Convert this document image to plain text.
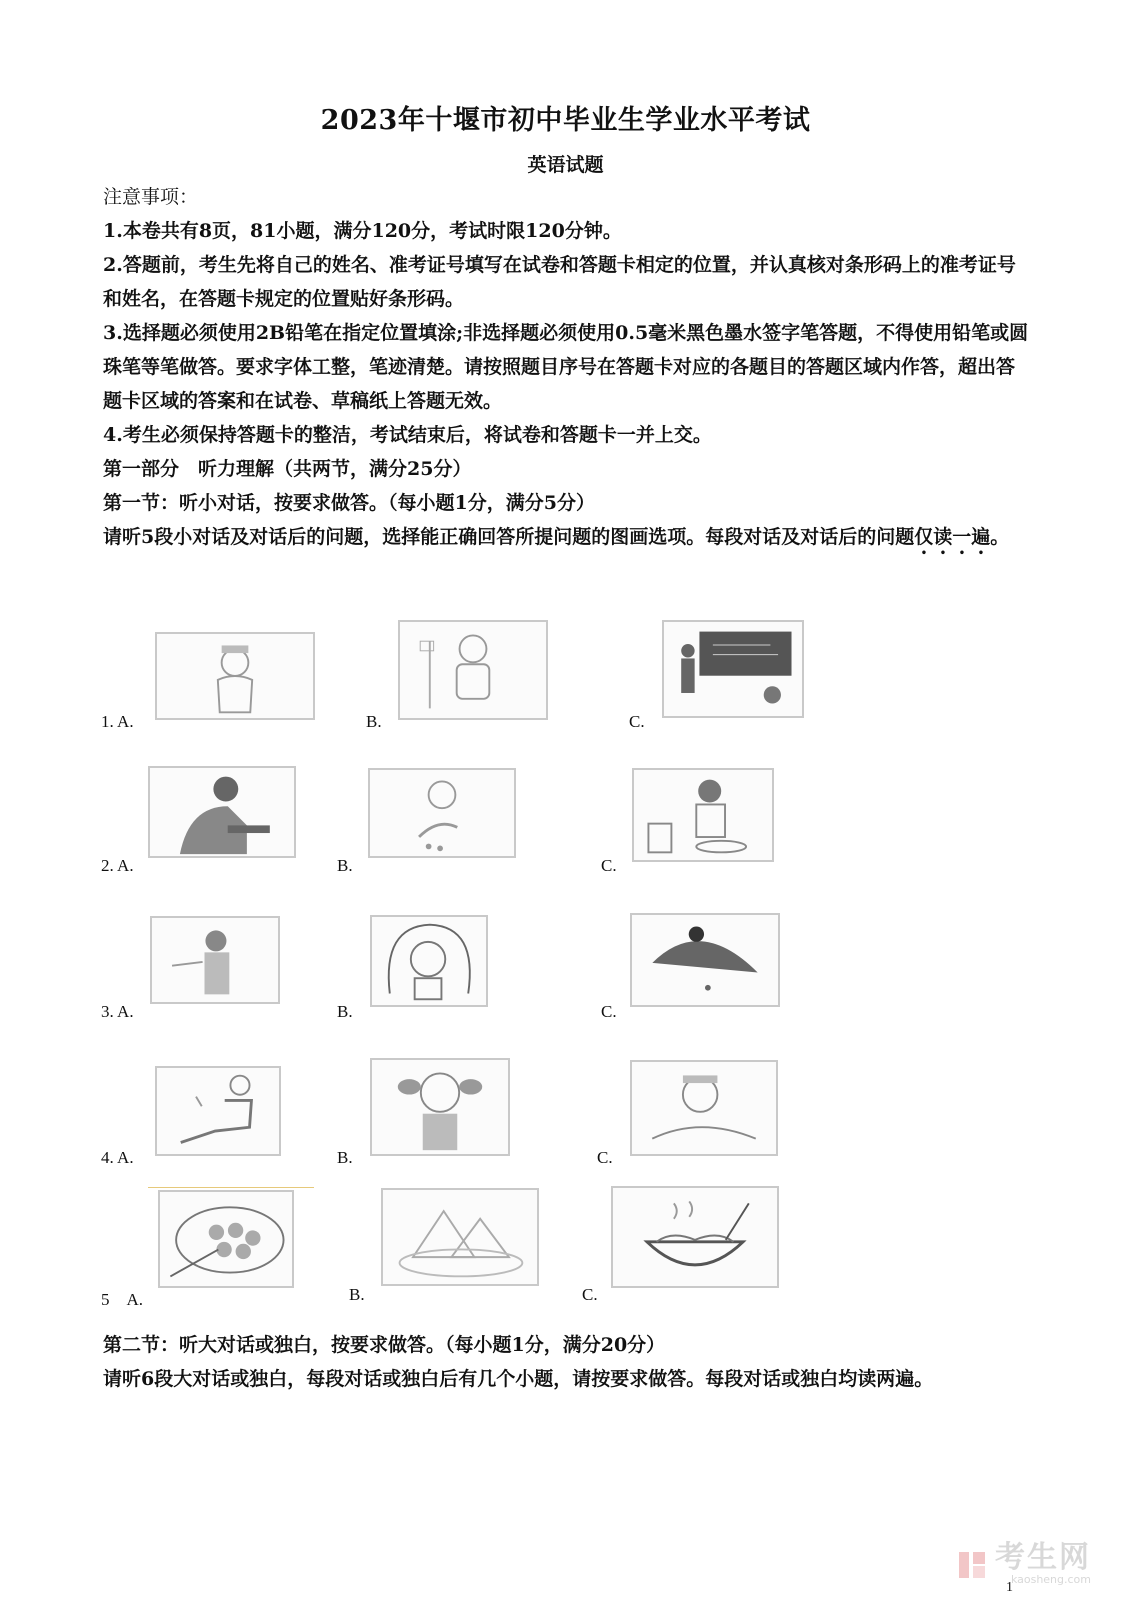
2023年十堰市初中毕业生学业水平考试
英语试题

注意事项：

1.本卷共有8页，81小题，满分120分，考试时限120分钟。

2.答题前，考生先将自己的姓名、准考证号填写在试卷和答题卡相定的位置，并认真核对条形码上的准考证号和姓名，在答题卡规定的位置贴好条形码。

3.选择题必须使用2B铅笔在指定位置填涂;非选择题必须使用0.5毫米黑色墨水签字笔答题，不得使用铅笔或圆珠笔等笔做答。要求字体工整，笔迹清楚。请按照题目序号在答题卡对应的各题目的答题区域内作答，超出答题卡区域的答案和在试卷、草稿纸上答题无效。

4.考生必须保持答题卡的整洁，考试结束后，将试卷和答题卡一并上交。

第一部分　听力理解（共两节，满分25分）

第一节：听小对话，按要求做答。（每小题1分，满分5分）

请听5段小对话及对话后的问题，选择能正确回答所提问题的图画选项。每段对话及对话后的问题仅读一遍。

1. A.	B.	C.
2. A.	B.	C.
3. A.	B.	C.
4. A.	B.	C.
5　A.	B.	C.

第二节：听大对话或独白，按要求做答。（每小题1分，满分20分）

请听6段大对话或独白，每段对话或独白后有几个小题，请按要求做答。每段对话或独白均读两遍。

考生网
kaosheng.com
1
